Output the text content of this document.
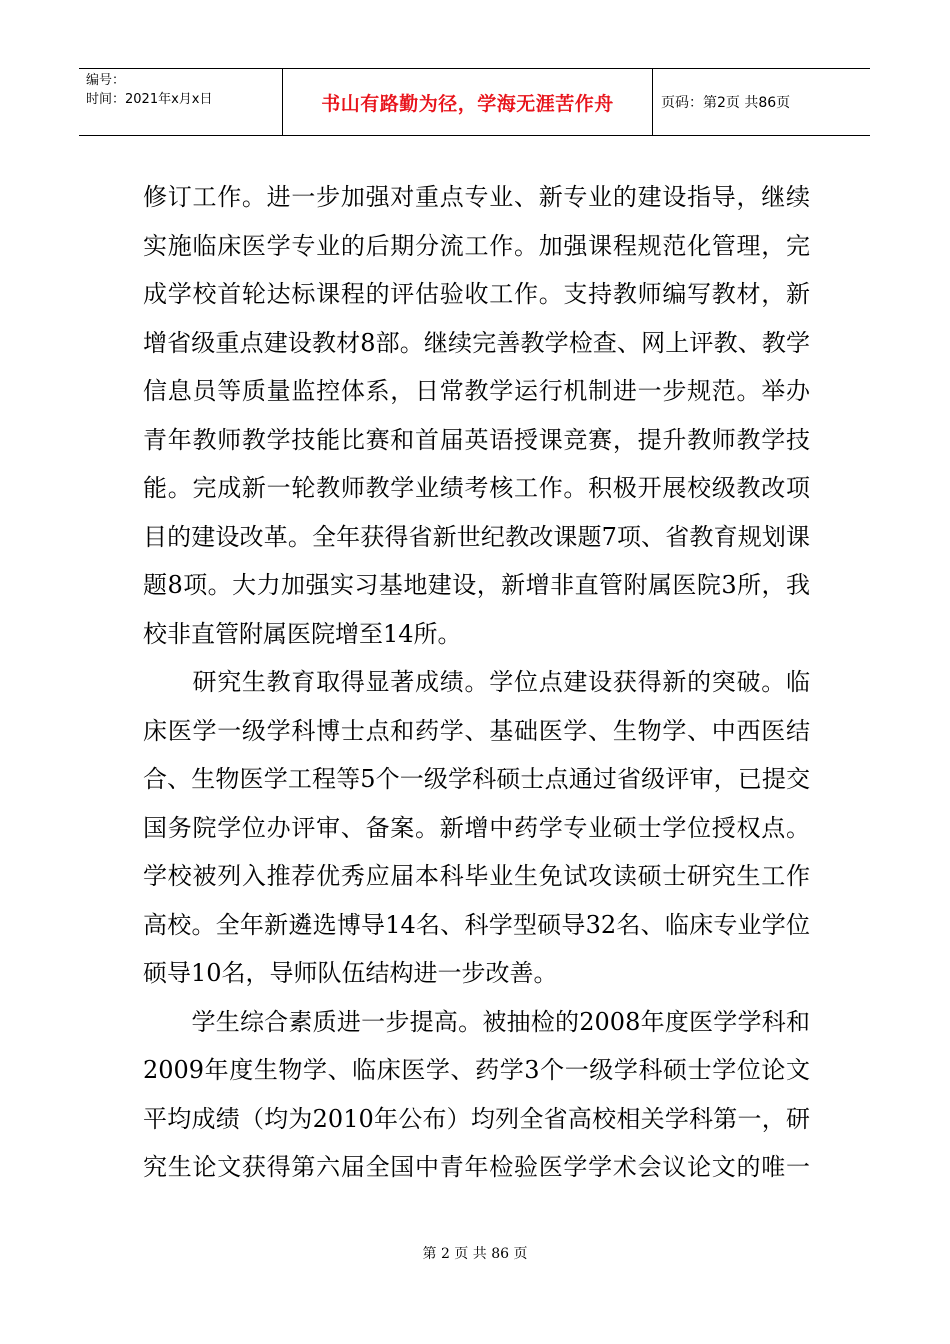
编号：
时间：2021年x月x日	书山有路勤为径，学海无涯苦作舟	页码：第2页 共86页
修订工作。进一步加强对重点专业、新专业的建设指导，继续
实施临床医学专业的后期分流工作。加强课程规范化管理，完
成学校首轮达标课程的评估验收工作。支持教师编写教材，新
增省级重点建设教材8部。继续完善教学检查、网上评教、教学
信息员等质量监控体系，日常教学运行机制进一步规范。举办
青年教师教学技能比赛和首届英语授课竞赛，提升教师教学技
能。完成新一轮教师教学业绩考核工作。积极开展校级教改项
目的建设改革。全年获得省新世纪教改课题7项、省教育规划课
题8项。大力加强实习基地建设，新增非直管附属医院3所，我
校非直管附属医院增至14所。
　　研究生教育取得显著成绩。学位点建设获得新的突破。临
床医学一级学科博士点和药学、基础医学、生物学、中西医结
合、生物医学工程等5个一级学科硕士点通过省级评审，已提交
国务院学位办评审、备案。新增中药学专业硕士学位授权点。
学校被列入推荐优秀应届本科毕业生免试攻读硕士研究生工作
高校。全年新遴选博导14名、科学型硕导32名、临床专业学位
硕导10名，导师队伍结构进一步改善。
　　学生综合素质进一步提高。被抽检的2008年度医学学科和
2009年度生物学、临床医学、药学3个一级学科硕士学位论文
平均成绩（均为2010年公布）均列全省高校相关学科第一，研
究生论文获得第六届全国中青年检验医学学术会议论文的唯一
第 2 页 共 86 页
